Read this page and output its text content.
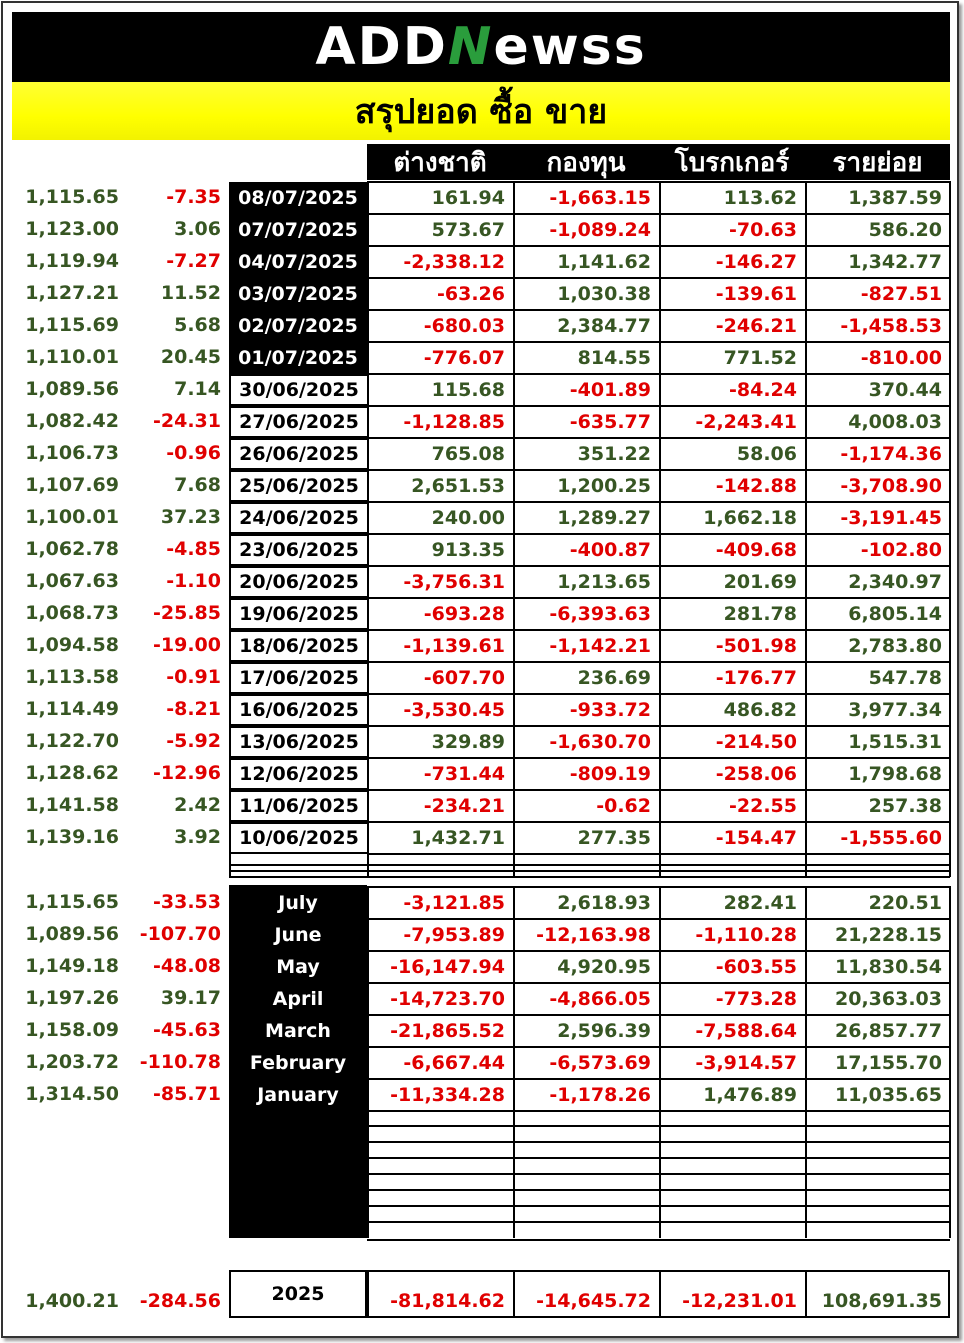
ADD N ewss
สรุปยอด ซื้อ ขาย
ต่างชาติ	กองทุน	โบรกเกอร์	รายย่อย
1,115.65	-7.35 08/07/2025	161.94	-1,663.15	113.62	1,387.59
1,123.00	3.06 07/07/2025	573.67	-1,089.24	-70.63	586.20
1,119.94	-7.27 04/07/2025	-2,338.12	1,141.62	-146.27	1,342.77
1,127.21	11.52 03/07/2025	-63.26	1,030.38	-139.61	-827.51
1,115.69	5.68 02/07/2025	-680.03	2,384.77	-246.21	-1,458.53
1,110.01	20.45 01/07/2025	-776.07	814.55	771.52	-810.00
1,089.56	7.14 30/06/2025	115.68	-401.89	-84.24	370.44
1,082.42	-24.31 27/06/2025	-1,128.85	-635.77	-2,243.41	4,008.03
1,106.73	-0.96 26/06/2025	765.08	351.22	58.06	-1,174.36
1,107.69	7.68 25/06/2025	2,651.53	1,200.25	-142.88	-3,708.90
1,100.01	37.23 24/06/2025	240.00	1,289.27	1,662.18	-3,191.45
1,062.78	-4.85 23/06/2025	913.35	-400.87	-409.68	-102.80
1,067.63	-1.10 20/06/2025	-3,756.31	1,213.65	201.69	2,340.97
1,068.73	-25.85 19/06/2025	-693.28	-6,393.63	281.78	6,805.14
1,094.58	-19.00 18/06/2025	-1,139.61	-1,142.21	-501.98	2,783.80
1,113.58	-0.91 17/06/2025	-607.70	236.69	-176.77	547.78
1,114.49	-8.21 16/06/2025	-3,530.45	-933.72	486.82	3,977.34
1,122.70	-5.92 13/06/2025	329.89	-1,630.70	-214.50	1,515.31
1,128.62	-12.96 12/06/2025	-731.44	-809.19	-258.06	1,798.68
1,141.58	2.42 11/06/2025	-234.21	-0.62	-22.55	257.38
1,139.16	3.92 10/06/2025	1,432.71	277.35	-154.47	-1,555.60
1,115.65	-33.53	July	-3,121.85	2,618.93	282.41	220.51
1,089.56	-107.70	June	-7,953.89	-12,163.98	-1,110.28	21,228.15
1,149.18	-48.08	May	-16,147.94	4,920.95	-603.55	11,830.54
1,197.26	39.17	April	-14,723.70	-4,866.05	-773.28	20,363.03
1,158.09	-45.63	March	-21,865.52	2,596.39	-7,588.64	26,857.77
1,203.72	-110.78	February	-6,667.44	-6,573.69	-3,914.57	17,155.70
1,314.50	-85.71	January	-11,334.28	-1,178.26	1,476.89	11,035.65
1,400.21	-284.56	2025	-81,814.62	-14,645.72	-12,231.01	108,691.35
